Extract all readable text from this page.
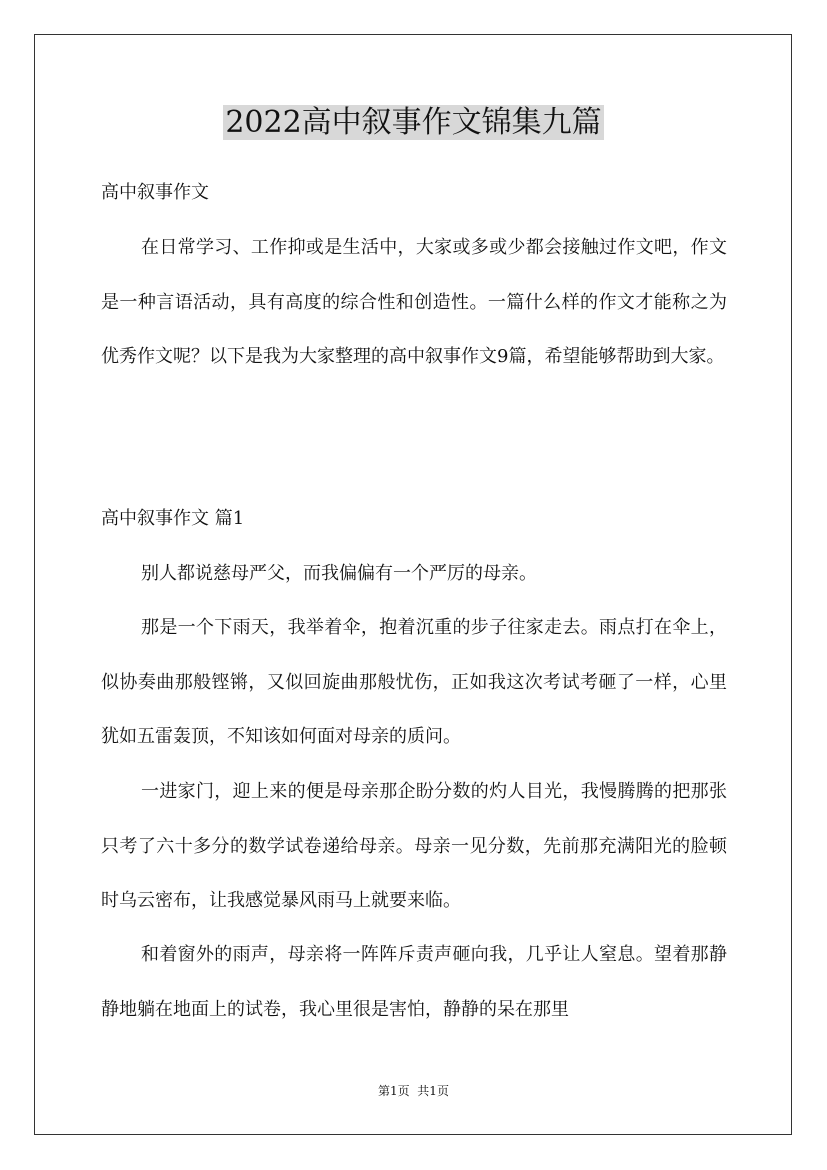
2022高中叙事作文锦集九篇
高中叙事作文

在日常学习、工作抑或是生活中，大家或多或少都会接触过作文吧，作文是一种言语活动，具有高度的综合性和创造性。一篇什么样的作文才能称之为优秀作文呢？以下是我为大家整理的高中叙事作文9篇，希望能够帮助到大家。

高中叙事作文 篇1

别人都说慈母严父，而我偏偏有一个严厉的母亲。

那是一个下雨天，我举着伞，抱着沉重的步子往家走去。雨点打在伞上，似协奏曲那般铿锵，又似回旋曲那般忧伤，正如我这次考试考砸了一样，心里犹如五雷轰顶，不知该如何面对母亲的质问。

一进家门，迎上来的便是母亲那企盼分数的灼人目光，我慢腾腾的把那张只考了六十多分的数学试卷递给母亲。母亲一见分数，先前那充满阳光的脸顿时乌云密布，让我感觉暴风雨马上就要来临。

和着窗外的雨声，母亲将一阵阵斥责声砸向我，几乎让人窒息。望着那静静地躺在地面上的试卷，我心里很是害怕，静静的呆在那里

第1页  共1页
